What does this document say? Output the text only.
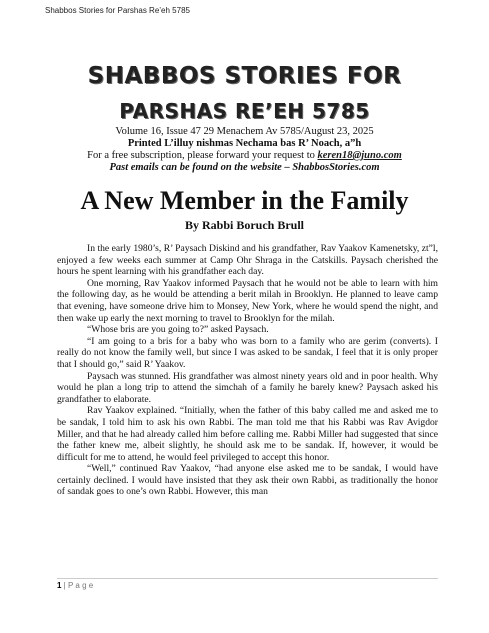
Shabbos Stories for Parshas Re’eh 5785
SHABBOS STORIES FOR
PARSHAS RE’EH 5785
Volume 16, Issue 47 29 Menachem Av 5785/August 23, 2025
Printed L’illuy nishmas Nechama bas R’ Noach, a”h
For a free subscription, please forward your request to keren18@juno.com
Past emails can be found on the website – ShabbosStories.com
A New Member in the Family
By Rabbi Boruch Brull

In the early 1980’s, R’ Paysach Diskind and his grandfather, Rav Yaakov Kamenetsky, zt”l, enjoyed a few weeks each summer at Camp Ohr Shraga in the Catskills. Paysach cherished the hours he spent learning with his grandfather each day.

One morning, Rav Yaakov informed Paysach that he would not be able to learn with him the following day, as he would be attending a berit milah in Brooklyn. He planned to leave camp that evening, have someone drive him to Monsey, New York, where he would spend the night, and then wake up early the next morning to travel to Brooklyn for the milah.

“Whose bris are you going to?” asked Paysach.

“I am going to a bris for a baby who was born to a family who are gerim (converts). I really do not know the family well, but since I was asked to be sandak, I feel that it is only proper that I should go,” said R’ Yaakov.

Paysach was stunned. His grandfather was almost ninety years old and in poor health. Why would he plan a long trip to attend the simchah of a family he barely knew? Paysach asked his grandfather to elaborate.

Rav Yaakov explained. “Initially, when the father of this baby called me and asked me to be sandak, I told him to ask his own Rabbi. The man told me that his Rabbi was Rav Avigdor Miller, and that he had already called him before calling me. Rabbi Miller had suggested that since the father knew me, albeit slightly, he should ask me to be sandak. If, however, it would be difficult for me to attend, he would feel privileged to accept this honor.

“Well,” continued Rav Yaakov, “had anyone else asked me to be sandak, I would have certainly declined. I would have insisted that they ask their own Rabbi, as traditionally the honor of sandak goes to one’s own Rabbi. However, this man

1 | P a g e
